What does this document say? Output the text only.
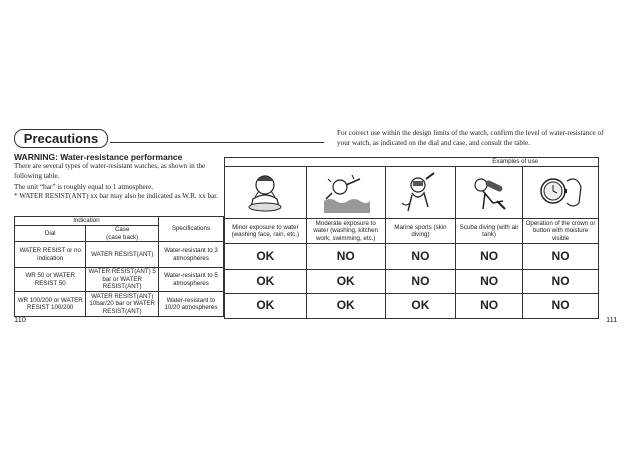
Precautions
WARNING: Water-resistance performance
There are several types of water-resistant watches, as shown in the following table.
The unit “bar” is roughly equal to 1 atmosphere.
* WATER RESIST(ANT) xx bar may also be indicated as W.R. xx bar.
For correct use within the design limits of the watch, confirm the level of water-resistance of your watch, as indicated on the dial and case, and consult the table.
Indication		Specifications
Dial	Case
(case back)	
WATER RESIST or no indication	WATER RESIST(ANT)	Water-resistant to 3 atmospheres
WR 50 or WATER RESIST 50	WATER RESIST(ANT) 5 bar or WATER RESIST(ANT)	Water-resistant to 5 atmospheres
WR 100/200 or WATER RESIST 100/200	WATER RESIST(ANT) 10bar/20 bar or WATER RESIST(ANT)	Water-resistant to 10/20 atmospheres
Examples of use				

Minor exposure to water (washing face, rain, etc.)	Moderate exposure to water (washing, kitchen work, swimming, etc.)	Marine sports (skin diving)	Scuba diving (with air tank)	Operation of the crown or button with moisture visible
OK	NO	NO	NO	NO
OK	OK	NO	NO	NO
OK	OK	OK	NO	NO
110	111
